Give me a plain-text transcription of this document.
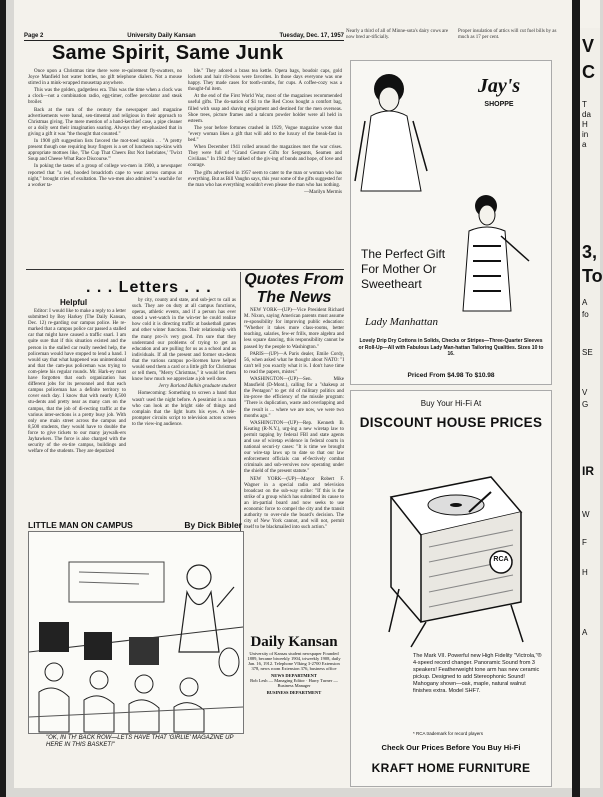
V
C
T
da
H
in
a
3,
To
A
fo
SE
V
G
IR
W
F
H
A
Page 2	University Daily Kansan	Tuesday, Dec. 17, 1957
Nearly a third of all of Minne-sota's dairy cows are now bred ar-tificially.
Proper insulation of attics will cut fuel bills by as much as 17 per cent.
Same Spirit, Same Junk

Once upon a Christmas time there were re-quirement fly-swatters, no Joyce Manfield hot water bottles, no gift telephone dialers. Not a mouse stirred in a mink-wrapped mousetrap anywhere.

This was the golden, gadgetless era. This was the time when a clock was a clock—not a combination radio, egg-timer, coffee percolator and steak broiler.

Back at the turn of the century the newspaper and magazine advertisements were banal, sen-timental and religious in their approach to Christmas giving. The mere mention of a hand-kerchief case, a pipe cleaner or a doily sent their imagination soaring. Always they em-phasized that in giving a gift it was "the thought that counted."

In 1900 gift suggestion lists favored the mot-toed napkin . . "A pretty present though one requiring busy fingers is a set of luncheon nap-kins with appropriate mottoes like, 'The Cup That Cheers But Not Inebriates,' 'Twixt Soup and Cheese What Race Discourse.'"

In poking the tastes of a group of college wo-men in 1900, a newspaper reported that "a red, hooded broadcloth cape to wear across campus at night," brought cries of exultation. The wo-men also admired "a seachile for a worker ta-

ble." They adored a brass tea kettle. Opera bags, boudoir caps, gold lockets and hair rib-bons were favorites. In those days everyone was one happy. They made cases for tooth-combs, for cups. A coffee-cozy was a thought-ful item.

At the end of the First World War, most of the magazines recommended useful gifts. The do-nation of $1 to the Red Cross bought a comfort bag, filled with soap and shaving equipment and destined for the men overseas. Shoe trees, picture frames and a talcum powder holder were all held in esteem.

The year before fortunes crashed in 1929, Vogue magazine wrote that "every woman likes a gift that will add to the luxury of the break-fast in bed."

When December 1941 rolled around the magazines met the war crises. They were full of "Grand Gesture Gifts for Sergeants, Seamen and Civilians." In 1942 they talked of the giv-ing of bonds and hope, of love and courage.

The gifts advertised in 1957 seem to cater to the man or woman who has everything. But as Bill Vaughn says, this year some of the gifts suggested for the man who has everything wouldn't even please the man who has nothing.

—Marilyn Mermis

. . . Letters . . .
Helpful

Editor: I would like to make a reply to a letter submitted by Boy Harkey (The Daily Kansan, Dec. 12) re-garding our campus police. He re-marked that a campus police car passed a stalled car that might have caused a traffic snarl. I am quite sure that if this situation existed and the person in the stalled car really needed help, the policeman would have stopped to lend a hand. I would say that what happened was unintentional and that the cam-pus policeman was trying to com-plete his regular rounds. Mr. Hark-ey must have forgotten that each organization has different jobs for its personnel and that each campus policeman has a definite territory to cover each day. I know that with nearly 8,500 stu-dents and pretty near as many cars on the campus, that the job of di-recting traffic at the various inter-sections is a pretty busy job. With only one main street across the campus and 8,500 students, they would have to double the force to give tickets to our many jaywalk-ers Jayhawkers. The force is also charged with the security of the en-tire campus, buildings and welfare of the students. They are deputized

by city, county and state, and sub-ject to call as such. They are on duty at all campus functions, operas, athletic events, and if a person has ever stood a wet-watch in the win-ter he could realize how cold it is directing traffic at basketball games and other winter functions. Their relationship with the many pro-i's very good. I'm sure that they understand our problems of trying to get an education and are pulling for us as a school and as individuals. If all the present and former stu-dents that the various campus po-licemen have helped would send them a card or a little gift for Christmas or tell them, "Merry Christmas," it would let them know how much we appreciate a job well done.

Jerry Barland Balkin graduate student

Homecoming: Something to screen a band that wasn't used the night before. A pessimist is a man who can look at the bright side of things and complain that the light hurts his eyes. A tele-prompter circuits script to television actors screen to the view-ing audience.

Quotes From The News

NEW YORK—(UP)—Vice President Richard M. Nixon, saying American parents must assume re-sponsibility for improving public education: "Whether it takes more class-rooms, better teaching, salaries, few-er frills, more algebra and less square dancing, this responsibility cannot be passed by the people to Washington."

PARIS—(UP)—A Paris dealer, Emile Cordy, 56, when asked what he thought about NATO: "I can't tell you exactly what it is. I don't have time to read the papers, mister."

WASHINGTON—(UP)—Sen. Mike Mansfield (D-Mont.), calling for a "shakeup at the Pentagon" to get rid of military politics and im-prove the efficiency of the missile program: "There is duplication, waste and overlapping and the result is ... where we are now, we were two months ago."

WASHINGTON—(UP)—Rep. Kenneth B. Keating (R-N.Y.), urg-ing a new wiretap law to permit tapping by federal FBI and state agents and use of wiretap evidence in federal courts in national securi-ty cases: "It is time we brought our wire-tap laws up to date so that our law enforcement officials can ef-fectively combat criminals and sub-versives now operating under the shield of the present statute."

NEW YORK—(UP)—Mayor Robert F. Wagner in a special radio and television broadcast on the sub-way strike: "If this is the strike of a group which has submitted its cause to an im-partial board and now seeks to use economic force to compel the city and the transit authority to over-rule the board's decision. The city of New York cannot, and will not, permit itself to be blackmailed into such action."

LITTLE MAN ON CAMPUS	By Dick Bibler
"OK, IN TH' BACK ROW—LETS HAVE THAT 'GIRLIE' MAGAZINE UP HERE IN THIS BASKET!"
Daily Kansan
University of Kansas student newspaper Founded 1889, became biweekly 1904, triweekly 1908, daily Jan. 16, 1912. Telephone VIking 3-2700 Extension 378, news room Extension 376, business office
NEWS DEPARTMENT
Bob Lesh — Managing Editor · Harry Turner — Business Manager
BUSINESS DEPARTMENT
Jay's
SHOPPE
The Perfect Gift For Mother Or Sweetheart
Lady Manhattan
Lovely Drip Dry Cottons in Solids, Checks or Stripes—Three-Quarter Sleeves or Roll-Up—All with Fabulous Lady Man-hattan Tailoring Qualities. Sizes 10 to 16.
Priced From $4.98 To $10.98
Buy Your Hi-Fi At
DISCOUNT HOUSE PRICES
RCA
The Mark VII. Powerful new High Fidelity "Victrola,"® 4-speed record changer. Panoramic Sound from 3 speakers! Featherweight tone arm has new ceramic pickup. Designed to add Stereophonic Sound! Mahogany shown—oak, maple, natural walnut finishes extra. Model SHF7.
* RCA trademark for record players
Check Our Prices Before You Buy Hi-Fi
KRAFT HOME FURNITURE
